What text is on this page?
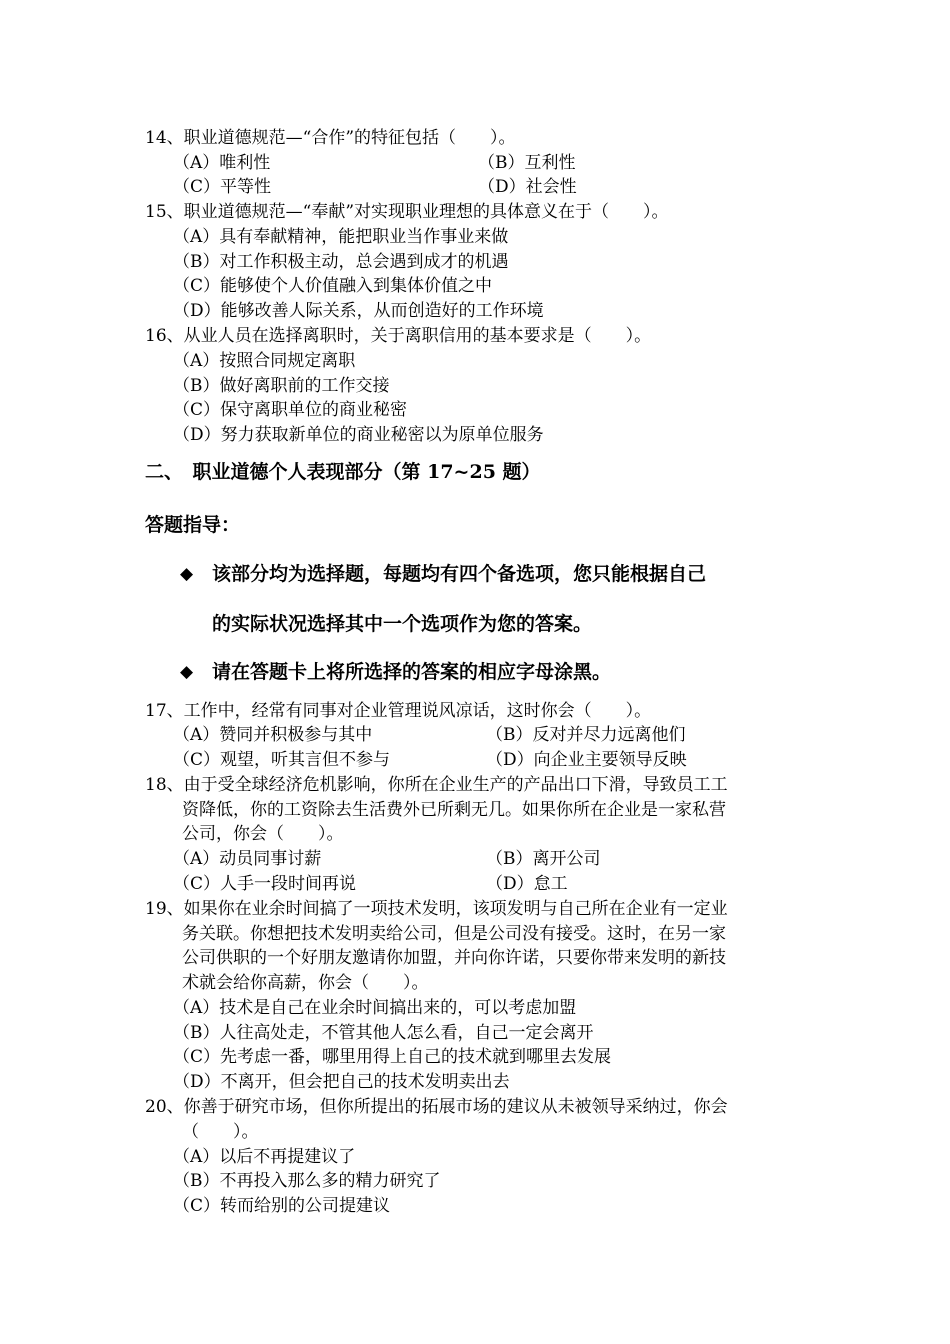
14、职业道德规范—“合作”的特征包括（　　）。
（A）唯利性	（B）互利性
（C）平等性	（D）社会性
15、职业道德规范—“奉献”对实现职业理想的具体意义在于（　　）。
（A）具有奉献精神，能把职业当作事业来做
（B）对工作积极主动，总会遇到成才的机遇
（C）能够使个人价值融入到集体价值之中
（D）能够改善人际关系，从而创造好的工作环境
16、从业人员在选择离职时，关于离职信用的基本要求是（　　）。
（A）按照合同规定离职
（B）做好离职前的工作交接
（C）保守离职单位的商业秘密
（D）努力获取新单位的商业秘密以为原单位服务
二、　职业道德个人表现部分（第 17~25 题）
答题指导：
◆ 该部分均为选择题，每题均有四个备选项，您只能根据自己
的实际状况选择其中一个选项作为您的答案。
◆ 请在答题卡上将所选择的答案的相应字母涂黑。
17、工作中，经常有同事对企业管理说风凉话，这时你会（　　）。
（A）赞同并积极参与其中	（B）反对并尽力远离他们
（C）观望，听其言但不参与	（D）向企业主要领导反映
18、由于受全球经济危机影响，你所在企业生产的产品出口下滑，导致员工工
资降低，你的工资除去生活费外已所剩无几。如果你所在企业是一家私营
公司，你会（　　）。
（A）动员同事讨薪	（B）离开公司
（C）人手一段时间再说	（D）怠工
19、如果你在业余时间搞了一项技术发明，该项发明与自己所在企业有一定业
务关联。你想把技术发明卖给公司，但是公司没有接受。这时，在另一家
公司供职的一个好朋友邀请你加盟，并向你许诺，只要你带来发明的新技
术就会给你高薪，你会（　　）。
（A）技术是自己在业余时间搞出来的，可以考虑加盟
（B）人往高处走，不管其他人怎么看，自己一定会离开
（C）先考虑一番，哪里用得上自己的技术就到哪里去发展
（D）不离开，但会把自己的技术发明卖出去
20、你善于研究市场，但你所提出的拓展市场的建议从未被领导采纳过，你会
（　　）。
（A）以后不再提建议了
（B）不再投入那么多的精力研究了
（C）转而给别的公司提建议
